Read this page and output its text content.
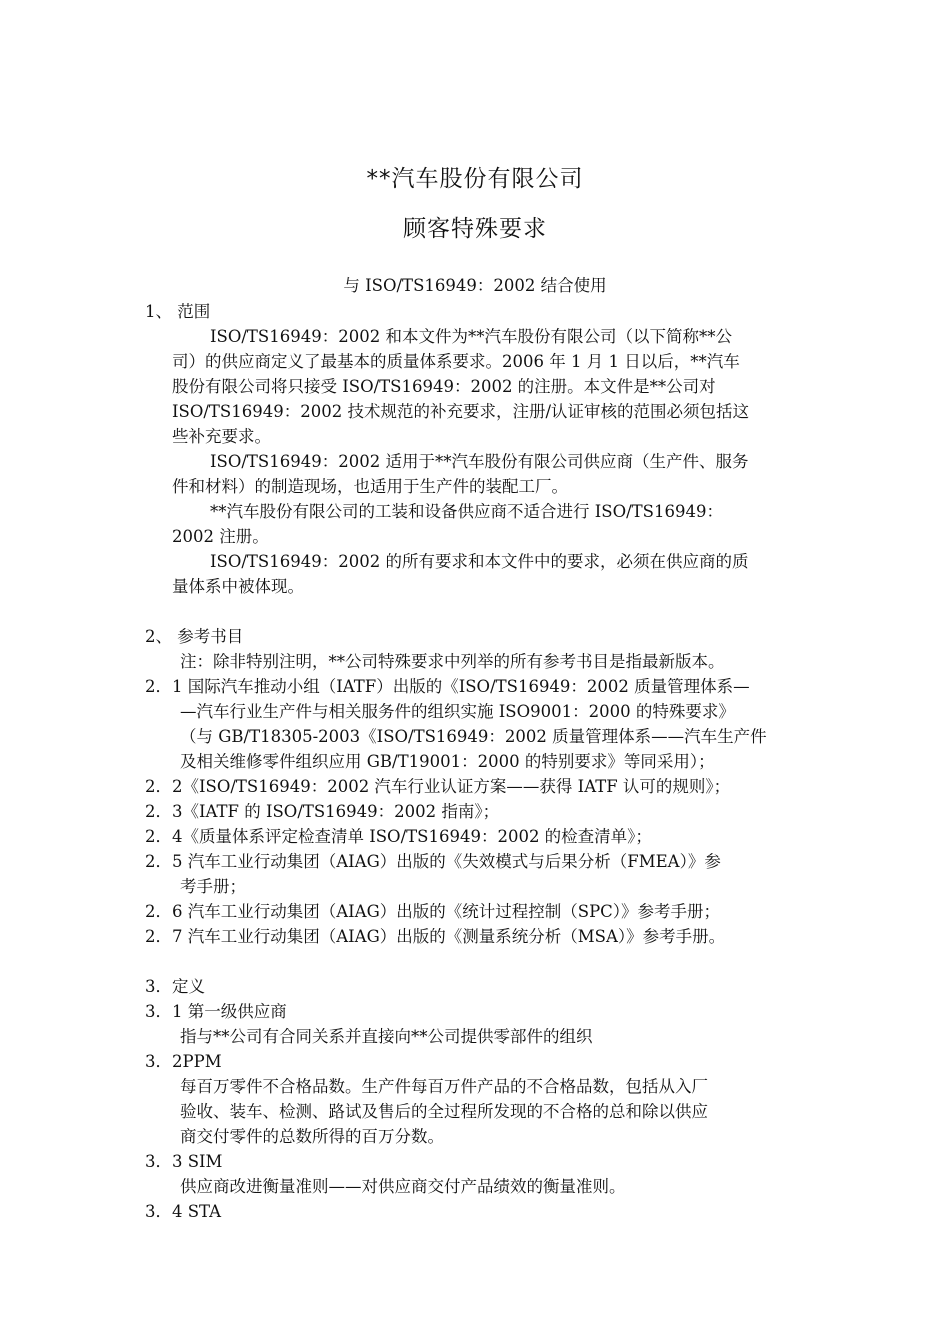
**汽车股份有限公司
顾客特殊要求
与 ISO/TS16949：2002 结合使用
1、 范围
ISO/TS16949：2002 和本文件为**汽车股份有限公司（以下简称**公
司）的供应商定义了最基本的质量体系要求。2006 年 1 月 1 日以后，**汽车
股份有限公司将只接受 ISO/TS16949：2002 的注册。本文件是**公司对
ISO/TS16949：2002 技术规范的补充要求，注册/认证审核的范围必须包括这
些补充要求。
ISO/TS16949：2002 适用于**汽车股份有限公司供应商（生产件、服务
件和材料）的制造现场，也适用于生产件的装配工厂。
**汽车股份有限公司的工装和设备供应商不适合进行 ISO/TS16949：
2002 注册。
ISO/TS16949：2002 的所有要求和本文件中的要求，必须在供应商的质
量体系中被体现。
2、 参考书目
注：除非特别注明，**公司特殊要求中列举的所有参考书目是指最新版本。
2．1 国际汽车推动小组（IATF）出版的《ISO/TS16949：2002 质量管理体系—
—汽车行业生产件与相关服务件的组织实施 ISO9001：2000 的特殊要求》
（与 GB/T18305-2003《ISO/TS16949：2002 质量管理体系——汽车生产件
及相关维修零件组织应用 GB/T19001：2000 的特别要求》等同采用）；
2．2《ISO/TS16949：2002 汽车行业认证方案——获得 IATF 认可的规则》；
2．3《IATF 的 ISO/TS16949：2002 指南》；
2．4《质量体系评定检查清单 ISO/TS16949：2002 的检查清单》；
2．5 汽车工业行动集团（AIAG）出版的《失效模式与后果分析（FMEA）》参
考手册；
2．6 汽车工业行动集团（AIAG）出版的《统计过程控制（SPC）》参考手册；
2．7 汽车工业行动集团（AIAG）出版的《测量系统分析（MSA）》参考手册。
3．定义
3．1 第一级供应商
指与**公司有合同关系并直接向**公司提供零部件的组织
3．2PPM
每百万零件不合格品数。生产件每百万件产品的不合格品数，包括从入厂
验收、装车、检测、路试及售后的全过程所发现的不合格的总和除以供应
商交付零件的总数所得的百万分数。
3．3 SIM
供应商改进衡量准则——对供应商交付产品绩效的衡量准则。
3．4 STA
